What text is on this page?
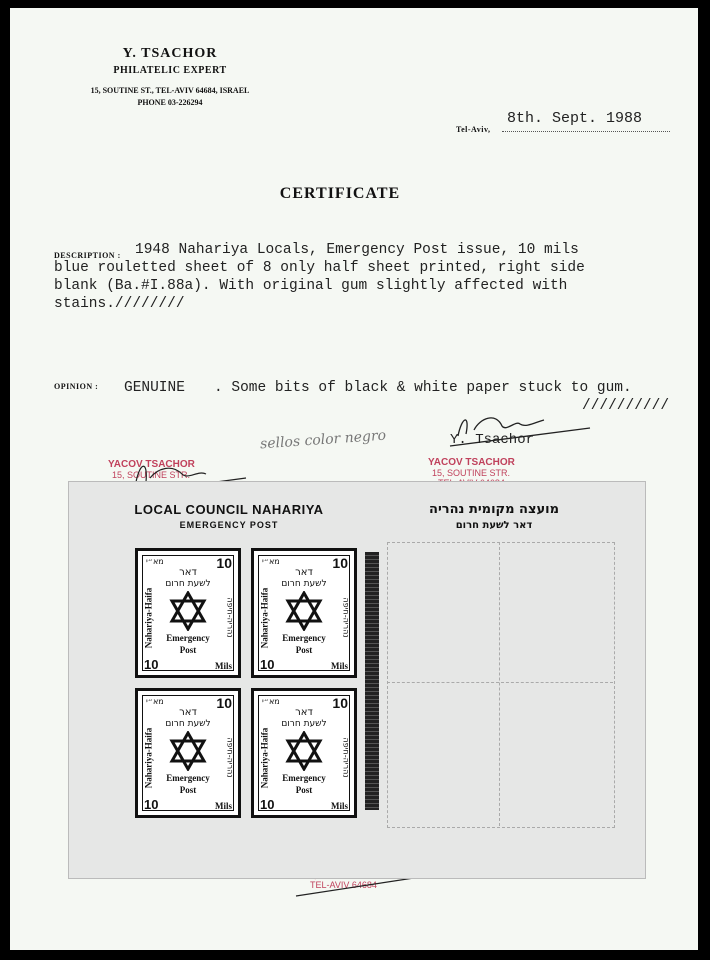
Y. TSACHOR
PHILATELIC EXPERT
15, SOUTINE ST., TEL-AVIV 64684, ISRAEL
PHONE 03-226294
Tel-Aviv,
8th. Sept. 1988
CERTIFICATE
DESCRIPTION : 1948 Nahariya Locals, Emergency Post issue, 10 mils
blue rouletted sheet of 8 only half sheet printed, right side
blank (Ba.#I.88a). With original gum slightly affected with
stains.////////
OPINION : GENUINE . Some bits of black & white paper stuck to gum.
//////////
sellos color negro	Y. Tsachor
YACOV TSACHOR
15, SOUTINE STR.
YACOV TSACHOR
15, SOUTINE STR.
TEL-AVIV 64684
LOCAL COUNCIL NAHARIYA
EMERGENCY POST
מועצה מקומית נהריה
דאר לשעת חרום
מא״י	10
דאר
לשעת חרום
Nahariya-Haifa	נהריה-חיפה
Emergency
Post
10	Mils
מא״י	10
דאר
לשעת חרום
Nahariya-Haifa	נהריה-חיפה
Emergency
Post
10	Mils
מא״י	10
דאר
לשעת חרום
Nahariya-Haifa	נהריה-חיפה
Emergency
Post
10	Mils
מא״י	10
דאר
לשעת חרום
Nahariya-Haifa	נהריה-חיפה
Emergency
Post
10	Mils
